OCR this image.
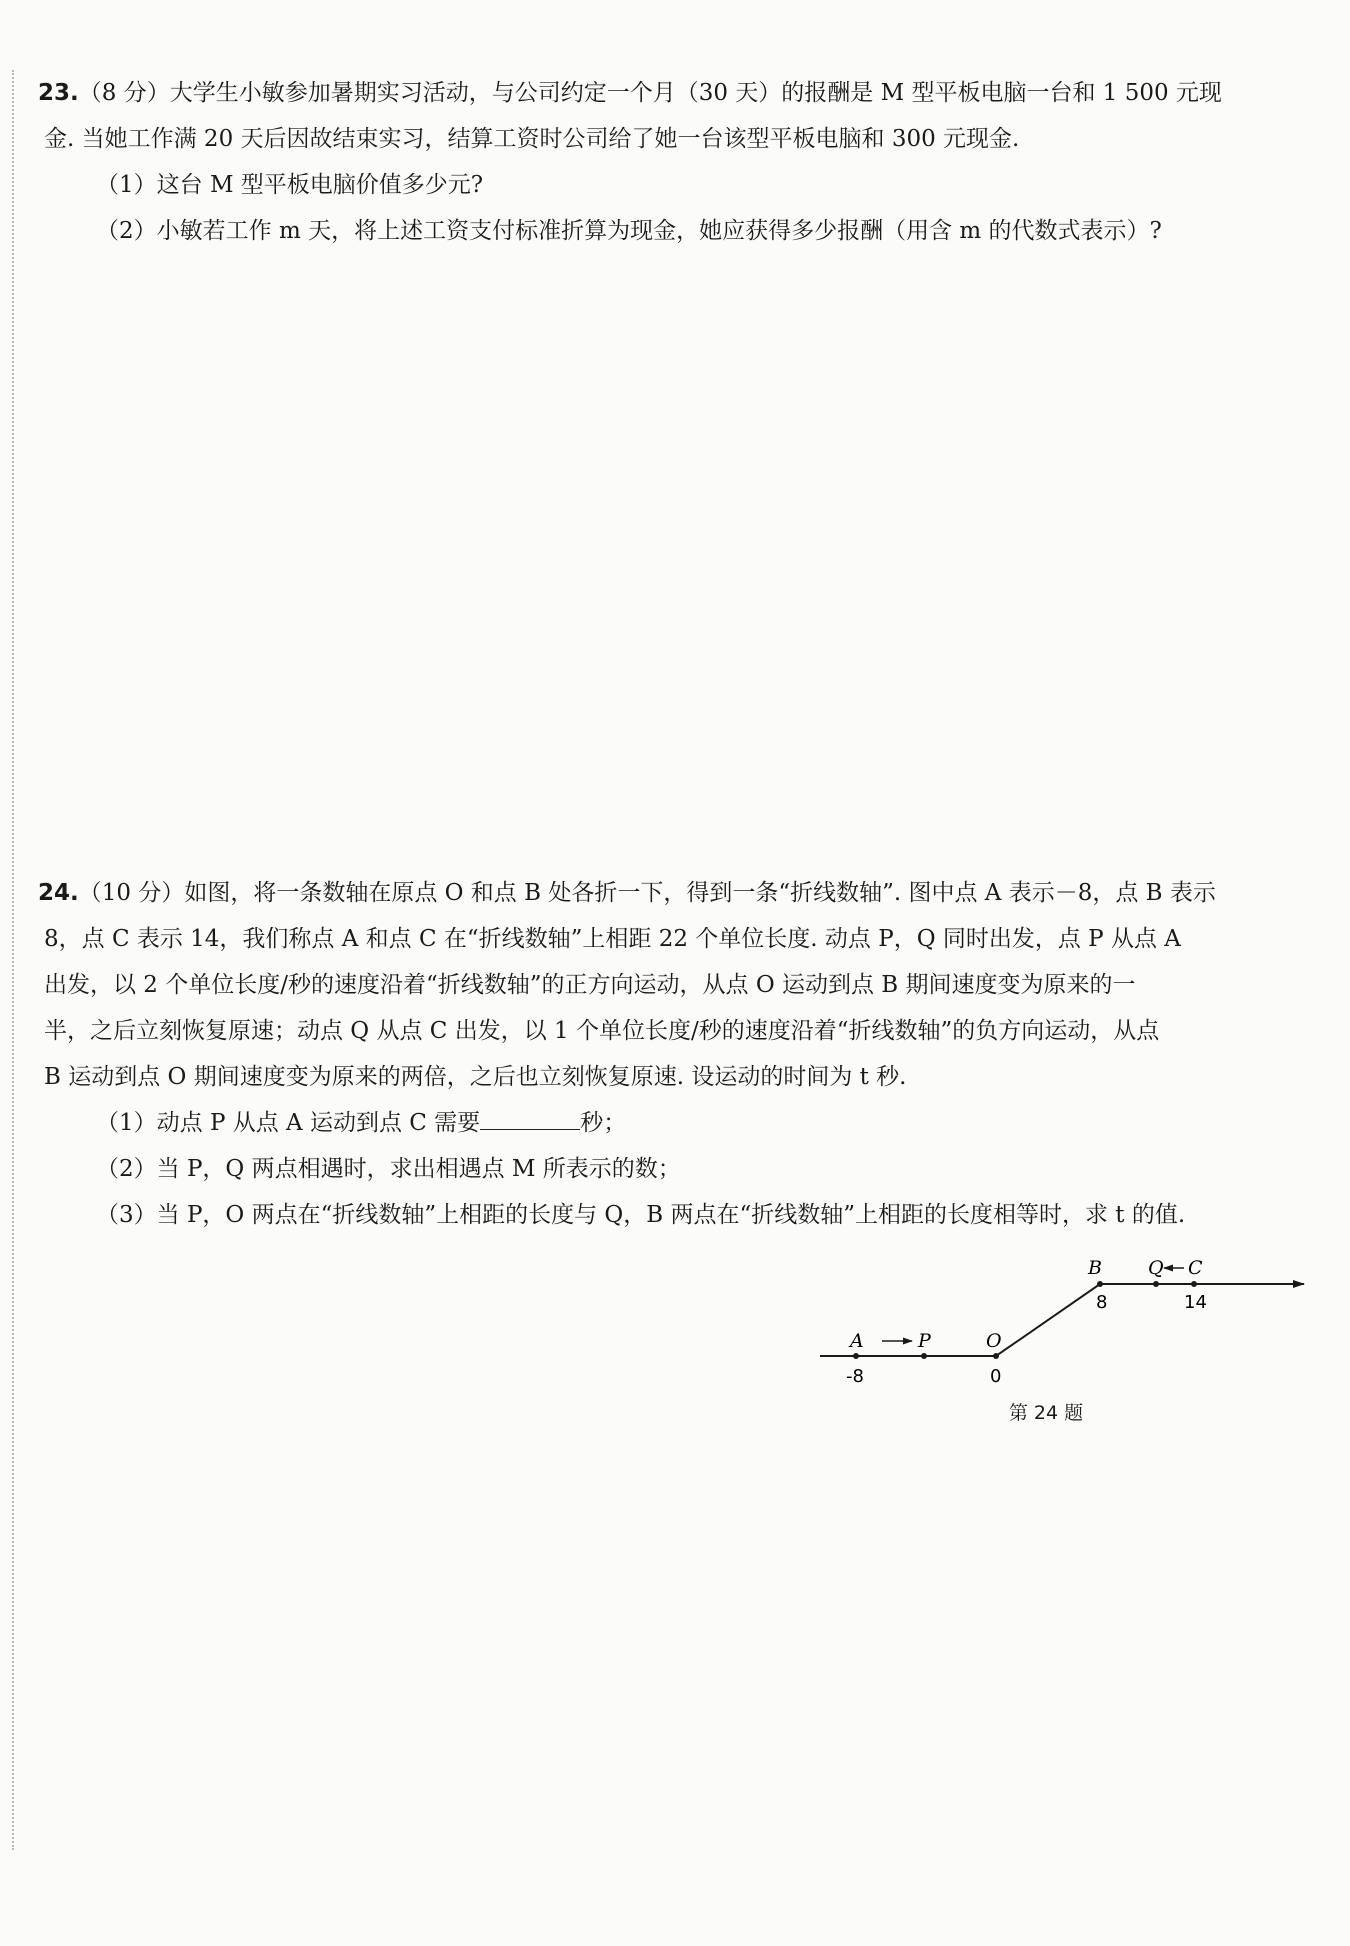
23.（8 分）大学生小敏参加暑期实习活动，与公司约定一个月（30 天）的报酬是 M 型平板电脑一台和 1 500 元现

金. 当她工作满 20 天后因故结束实习，结算工资时公司给了她一台该型平板电脑和 300 元现金.

（1）这台 M 型平板电脑价值多少元?

（2）小敏若工作 m 天，将上述工资支付标准折算为现金，她应获得多少报酬（用含 m 的代数式表示）?

24.（10 分）如图，将一条数轴在原点 O 和点 B 处各折一下，得到一条“折线数轴”. 图中点 A 表示－8，点 B 表示

8，点 C 表示 14，我们称点 A 和点 C 在“折线数轴”上相距 22 个单位长度. 动点 P，Q 同时出发，点 P 从点 A

出发，以 2 个单位长度/秒的速度沿着“折线数轴”的正方向运动，从点 O 运动到点 B 期间速度变为原来的一

半，之后立刻恢复原速；动点 Q 从点 C 出发，以 1 个单位长度/秒的速度沿着“折线数轴”的负方向运动，从点

B 运动到点 O 期间速度变为原来的两倍，之后也立刻恢复原速. 设运动的时间为 t 秒.

（1）动点 P 从点 A 运动到点 C 需要	秒；

（2）当 P，Q 两点相遇时，求出相遇点 M 所表示的数；

（3）当 P，O 两点在“折线数轴”上相距的长度与 Q，B 两点在“折线数轴”上相距的长度相等时，求 t 的值.

A	P	O
B Q C
-8	0
8	14
第 24 题
